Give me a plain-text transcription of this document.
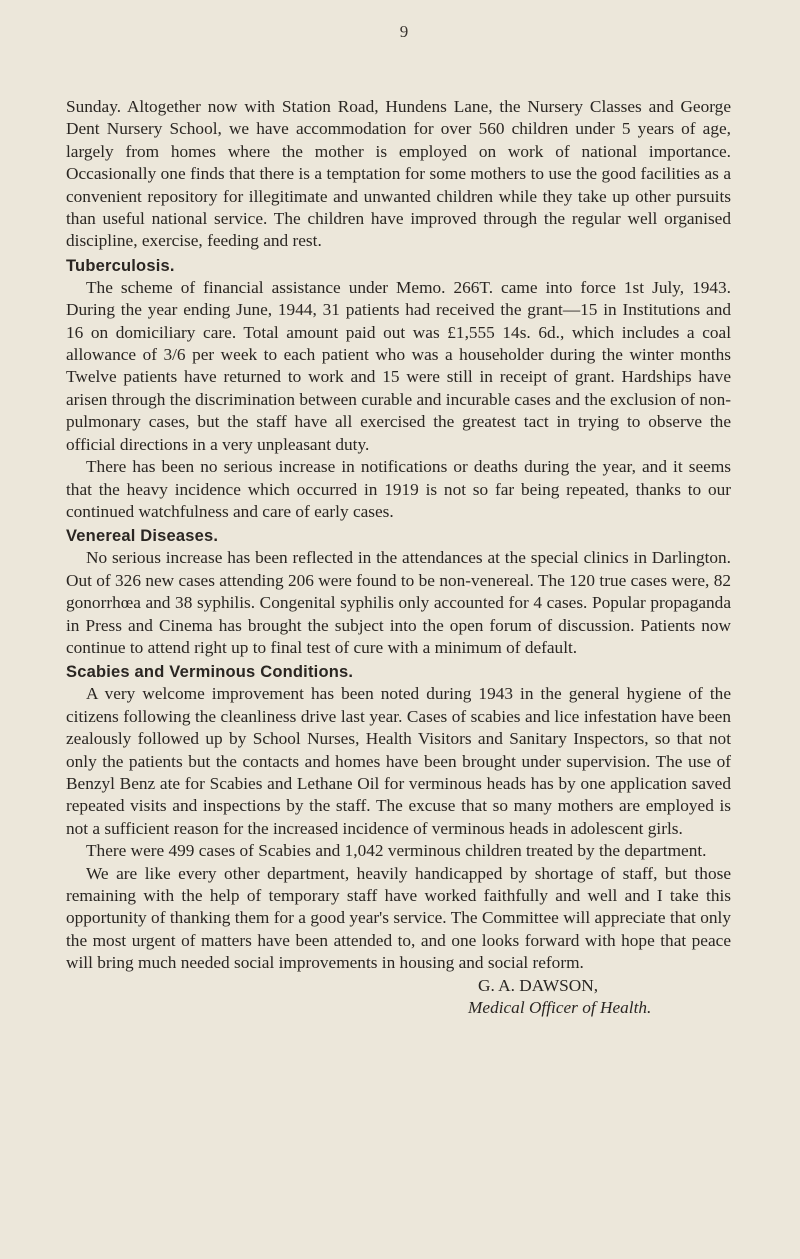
9

Sunday. Altogether now with Station Road, Hundens Lane, the Nursery Classes and George Dent Nursery School, we have accommodation for over 560 children under 5 years of age, largely from homes where the mother is employed on work of national importance. Occasionally one finds that there is a temptation for some mothers to use the good facilities as a convenient repository for illegitimate and unwanted children while they take up other pursuits than useful national service. The children have improved through the regular well organised discipline, exercise, feeding and rest.

Tuberculosis.

The scheme of financial assistance under Memo. 266T. came into force 1st July, 1943. During the year ending June, 1944, 31 patients had received the grant—15 in Institutions and 16 on domiciliary care. Total amount paid out was £1,555 14s. 6d., which includes a coal allowance of 3/6 per week to each patient who was a householder during the winter months Twelve patients have returned to work and 15 were still in receipt of grant. Hardships have arisen through the discrimination between curable and incurable cases and the exclusion of non-pulmonary cases, but the staff have all exercised the greatest tact in trying to observe the official directions in a very unpleasant duty.

There has been no serious increase in notifications or deaths during the year, and it seems that the heavy incidence which occurred in 1919 is not so far being repeated, thanks to our continued watchfulness and care of early cases.

Venereal Diseases.

No serious increase has been reflected in the attendances at the special clinics in Darlington. Out of 326 new cases attending 206 were found to be non-venereal. The 120 true cases were, 82 gonorrhœa and 38 syphilis. Congenital syphilis only accounted for 4 cases. Popular propaganda in Press and Cinema has brought the subject into the open forum of discussion. Patients now continue to attend right up to final test of cure with a minimum of default.

Scabies and Verminous Conditions.

A very welcome improvement has been noted during 1943 in the general hygiene of the citizens following the cleanliness drive last year. Cases of scabies and lice infestation have been zealously followed up by School Nurses, Health Visitors and Sanitary Inspectors, so that not only the patients but the contacts and homes have been brought under supervision. The use of Benzyl Benz ate for Scabies and Lethane Oil for verminous heads has by one application saved repeated visits and inspections by the staff. The excuse that so many mothers are employed is not a sufficient reason for the increased incidence of verminous heads in adolescent girls.

There were 499 cases of Scabies and 1,042 verminous children treated by the department.

We are like every other department, heavily handicapped by shortage of staff, but those remaining with the help of temporary staff have worked faithfully and well and I take this opportunity of thanking them for a good year's service. The Committee will appreciate that only the most urgent of matters have been attended to, and one looks forward with hope that peace will bring much needed social improvements in housing and social reform.

G. A. DAWSON,

Medical Officer of Health.
